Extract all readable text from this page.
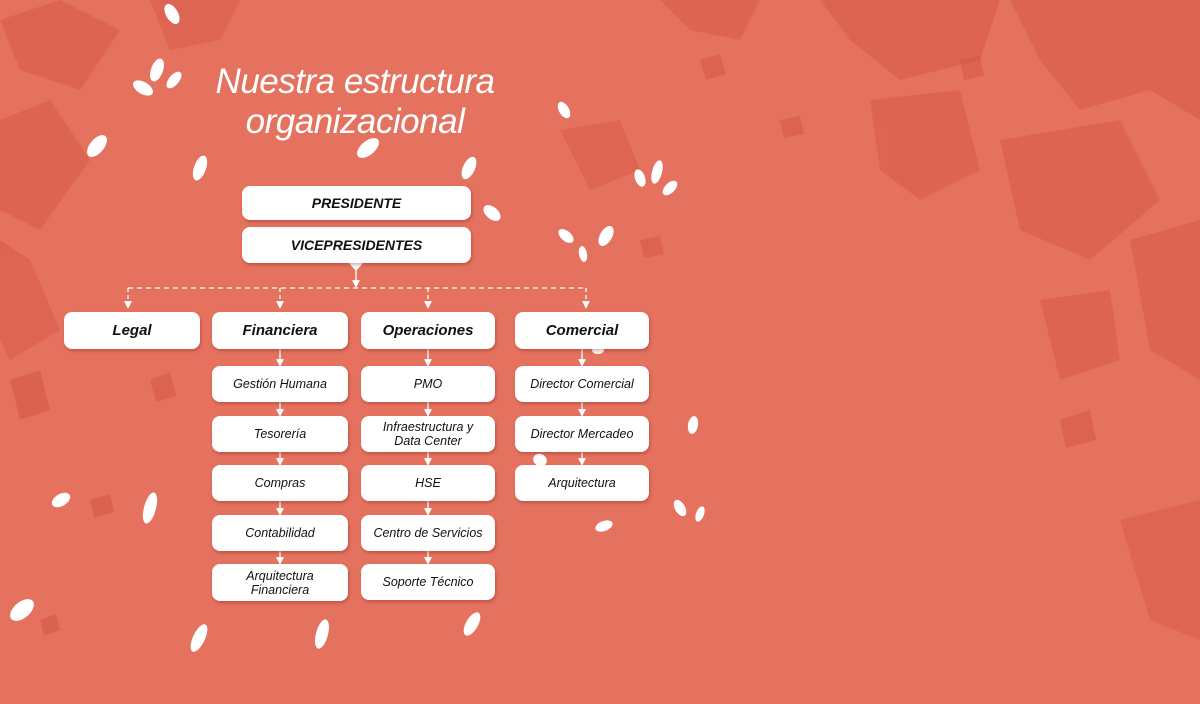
Nuestra estructura
organizacional
PRESIDENTE
VICEPRESIDENTES
Legal	Financiera	Operaciones	Comercial
Gestión Humana
Tesorería
Compras
Contabilidad
Arquitectura Financiera
PMO
Infraestructura y Data Center
HSE
Centro de Servicios
Soporte Técnico
Director Comercial
Director Mercadeo
Arquitectura
